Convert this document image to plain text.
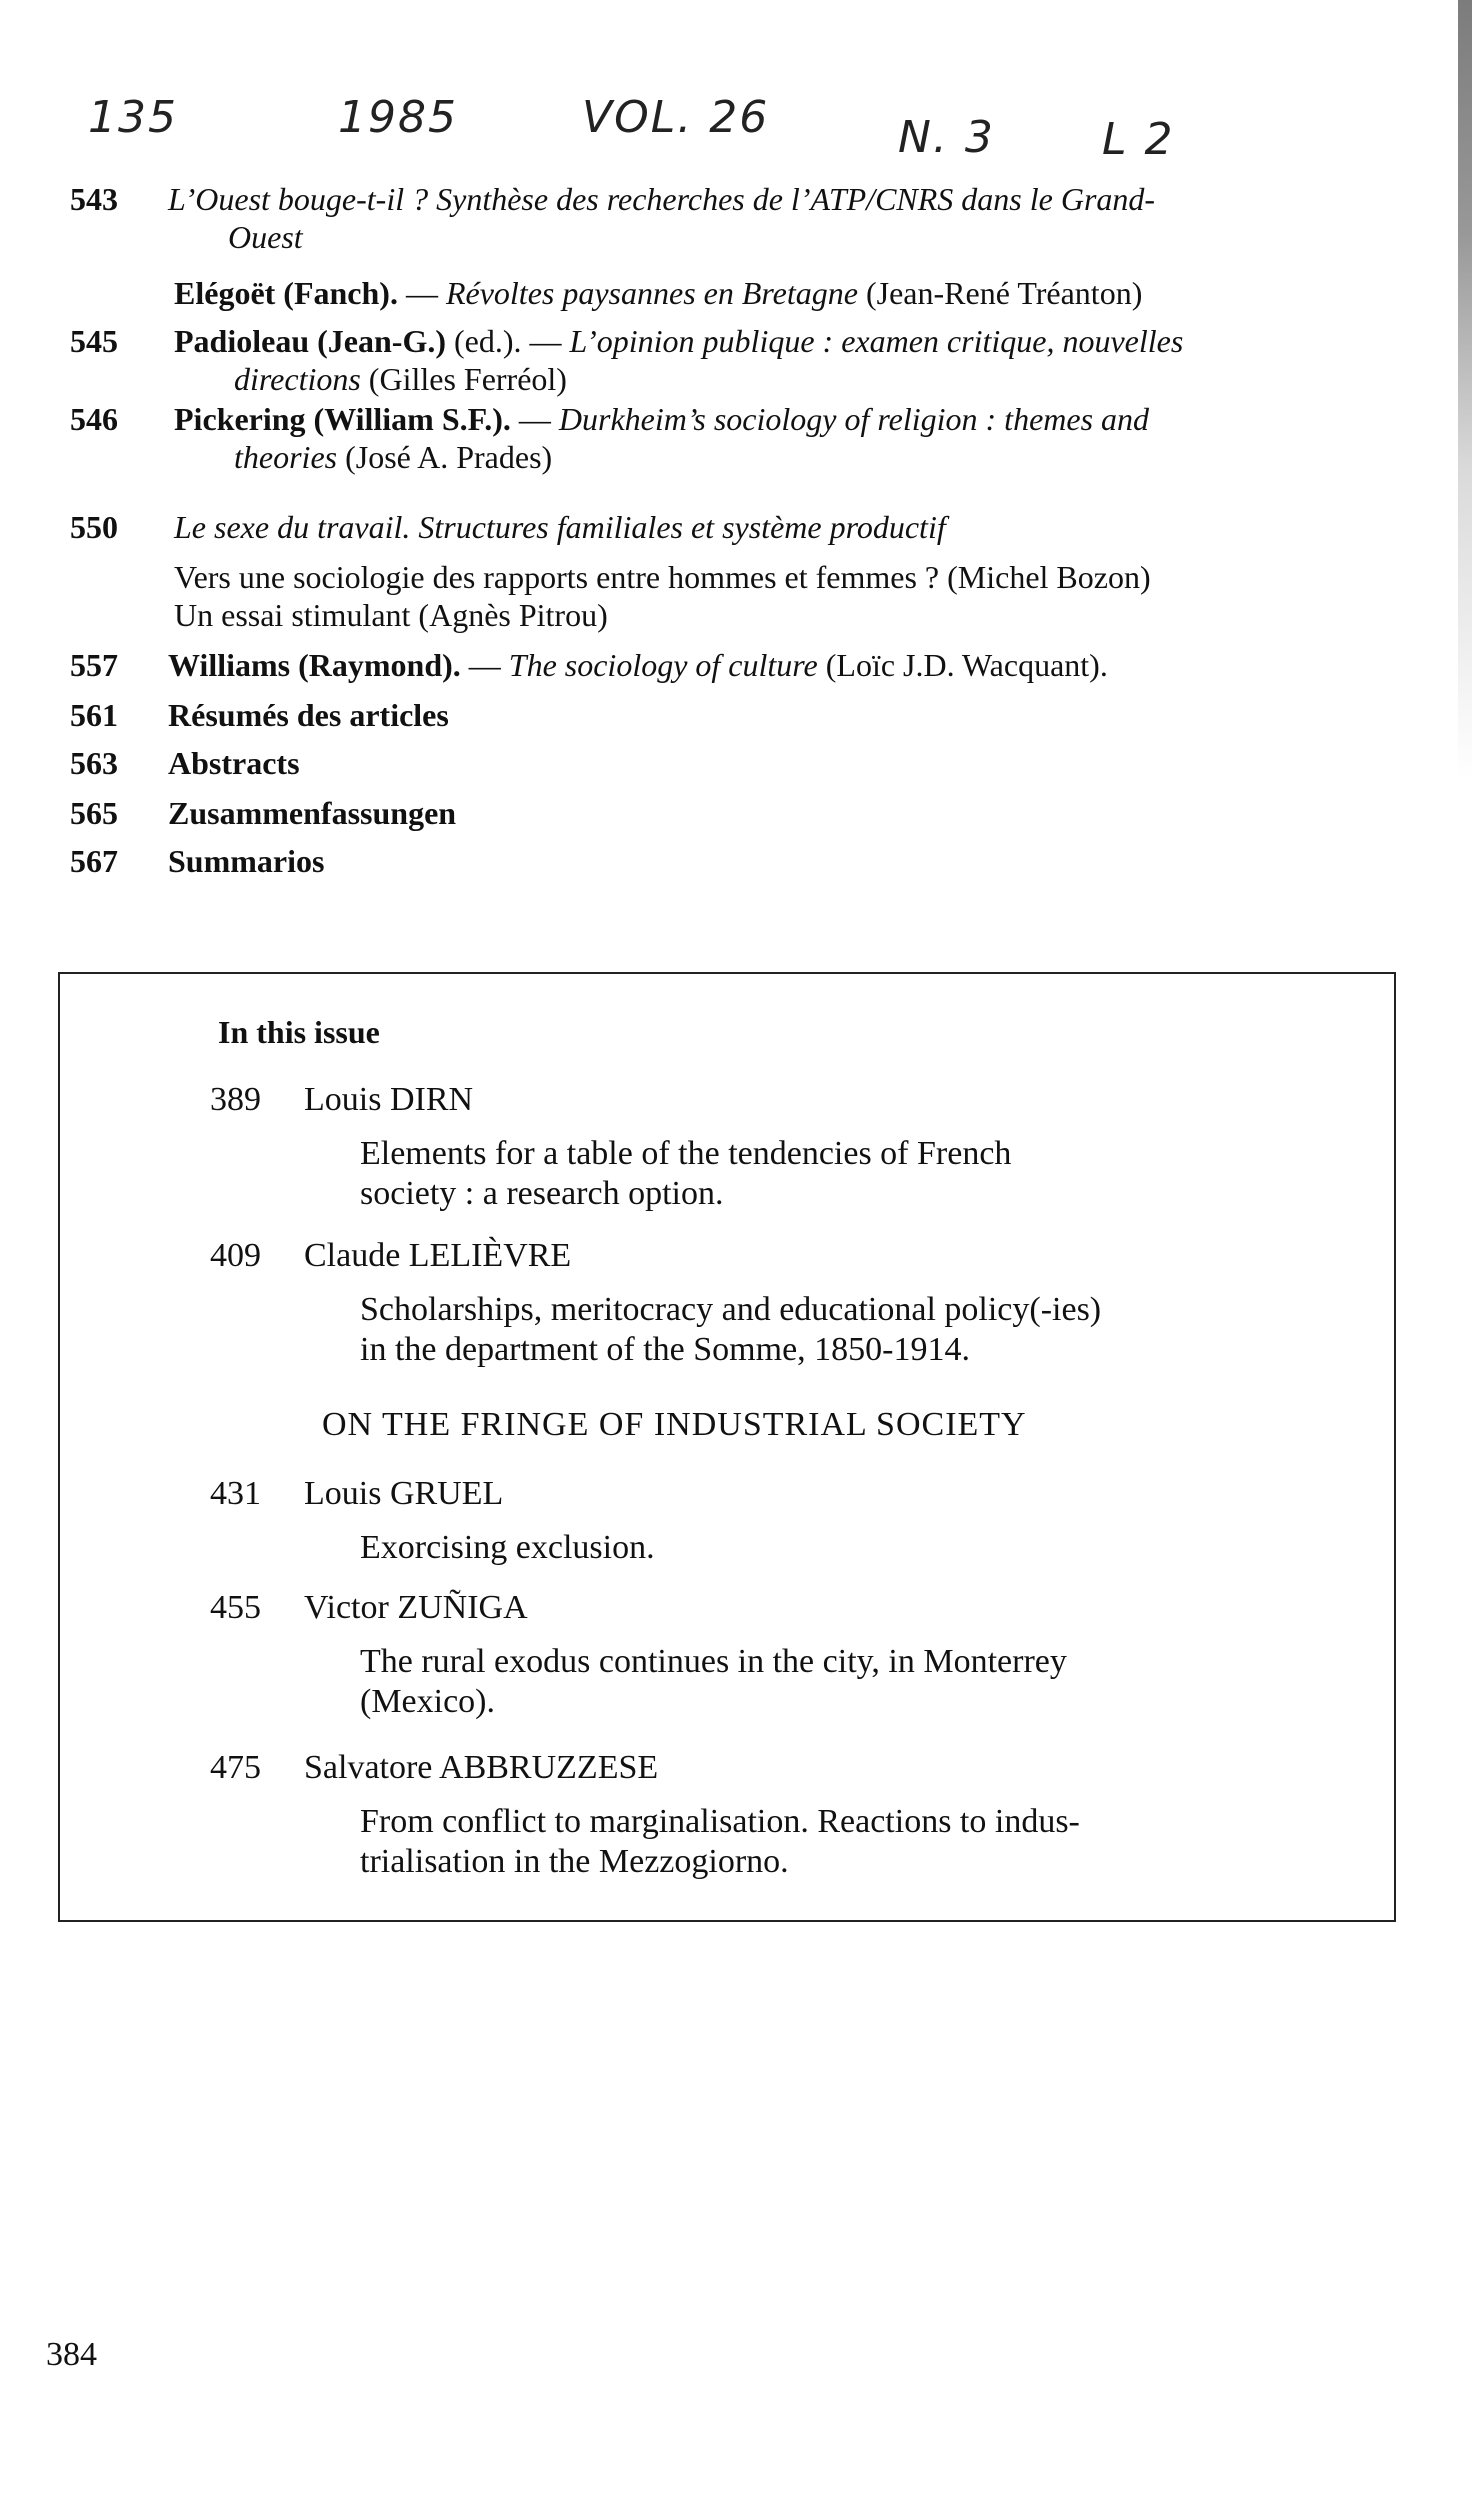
135	1985	VOL. 26	N. 3 L 2
543	L’Ouest bouge-t-il ? Synthèse des recherches de l’ATP/CNRS dans le Grand-
Ouest
Elégoët (Fanch). — Révoltes paysannes en Bretagne (Jean-René Tréanton)
545	Padioleau (Jean-G.) (ed.). — L’opinion publique : examen critique, nouvelles
directions (Gilles Ferréol)
546	Pickering (William S.F.). — Durkheim’s sociology of religion : themes and
theories (José A. Prades)
550	Le sexe du travail. Structures familiales et système productif
Vers une sociologie des rapports entre hommes et femmes ? (Michel Bozon)
Un essai stimulant (Agnès Pitrou)
557	Williams (Raymond). — The sociology of culture (Loïc J.D. Wacquant).
561	Résumés des articles
563	Abstracts
565	Zusammenfassungen
567	Summarios
In this issue
389	Louis DIRN
Elements for a table of the tendencies of French
society : a research option.
409	Claude LELIÈVRE
Scholarships, meritocracy and educational policy(-ies)
in the department of the Somme, 1850-1914.
ON THE FRINGE OF INDUSTRIAL SOCIETY
431	Louis GRUEL
Exorcising exclusion.
455	Victor ZUÑIGA
The rural exodus continues in the city, in Monterrey
(Mexico).
475	Salvatore ABBRUZZESE
From conflict to marginalisation. Reactions to indus-
trialisation in the Mezzogiorno.
384
